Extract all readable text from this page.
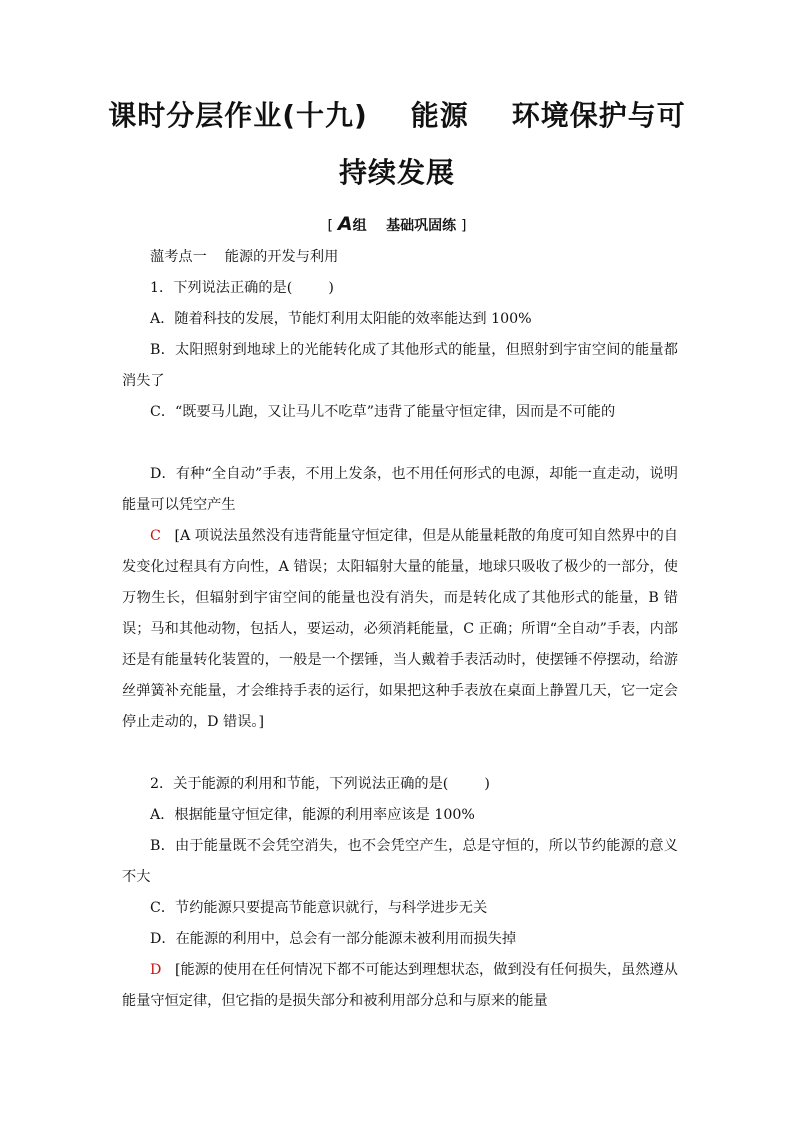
课时分层作业(十九)    能源    环境保护与可
持续发展
[ A组    基础巩固练 ]
薀考点一    能源的开发与利用
1．下列说法正确的是(        )
A．随着科技的发展，节能灯利用太阳能的效率能达到 100%
B．太阳照射到地球上的光能转化成了其他形式的能量，但照射到宇宙空间的能量都消失了
C．“既要马儿跑，又让马儿不吃草”违背了能量守恒定律，因而是不可能的
D．有种“全自动”手表，不用上发条，也不用任何形式的电源，却能一直走动，说明能量可以凭空产生
C [A 项说法虽然没有违背能量守恒定律，但是从能量耗散的角度可知自然界中的自发变化过程具有方向性，A 错误；太阳辐射大量的能量，地球只吸收了极少的一部分，使万物生长，但辐射到宇宙空间的能量也没有消失，而是转化成了其他形式的能量，B 错误；马和其他动物，包括人，要运动，必须消耗能量，C 正确；所谓“全自动”手表，内部还是有能量转化装置的，一般是一个摆锤，当人戴着手表活动时，使摆锤不停摆动，给游丝弹簧补充能量，才会维持手表的运行，如果把这种手表放在桌面上静置几天，它一定会停止走动的，D 错误。]
2．关于能源的利用和节能，下列说法正确的是(        )
A．根据能量守恒定律，能源的利用率应该是 100%
B．由于能量既不会凭空消失，也不会凭空产生，总是守恒的，所以节约能源的意义不大
C．节约能源只要提高节能意识就行，与科学进步无关
D．在能源的利用中，总会有一部分能源未被利用而损失掉
D [能源的使用在任何情况下都不可能达到理想状态，做到没有任何损失，虽然遵从能量守恒定律，但它指的是损失部分和被利用部分总和与原来的能量
